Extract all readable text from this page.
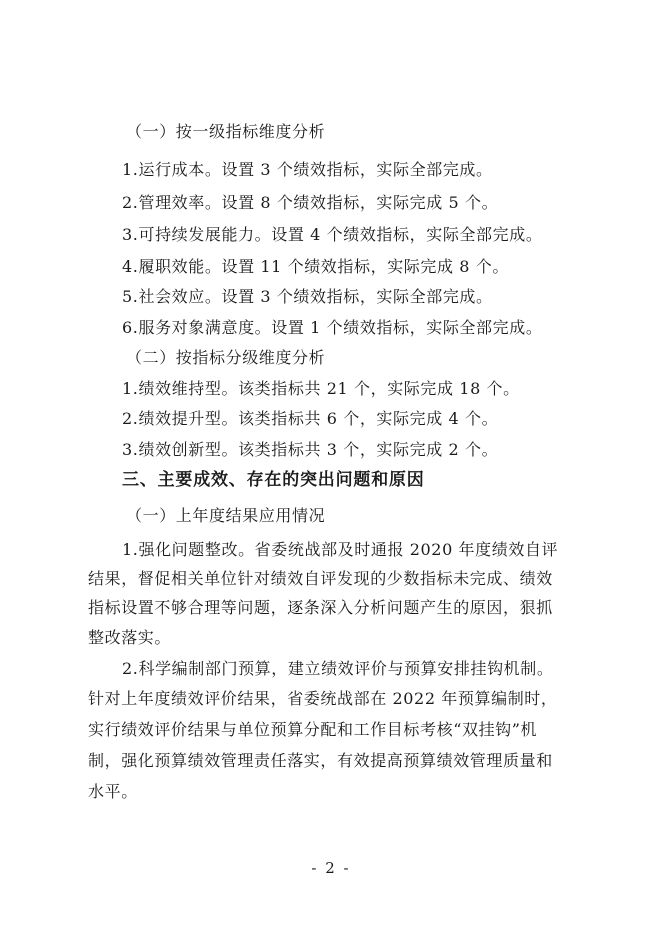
（一）按一级指标维度分析
1.运行成本。设置 3 个绩效指标，实际全部完成。
2.管理效率。设置 8 个绩效指标，实际完成 5 个。
3.可持续发展能力。设置 4 个绩效指标，实际全部完成。
4.履职效能。设置 11 个绩效指标，实际完成 8 个。
5.社会效应。设置 3 个绩效指标，实际全部完成。
6.服务对象满意度。设置 1 个绩效指标，实际全部完成。
（二）按指标分级维度分析
1.绩效维持型。该类指标共 21 个，实际完成 18 个。
2.绩效提升型。该类指标共 6 个，实际完成 4 个。
3.绩效创新型。该类指标共 3 个，实际完成 2 个。
三、主要成效、存在的突出问题和原因
（一）上年度结果应用情况
1.强化问题整改。省委统战部及时通报 2020 年度绩效自评
结果，督促相关单位针对绩效自评发现的少数指标未完成、绩效
指标设置不够合理等问题，逐条深入分析问题产生的原因，狠抓
整改落实。
2.科学编制部门预算，建立绩效评价与预算安排挂钩机制。
针对上年度绩效评价结果，省委统战部在 2022 年预算编制时，
实行绩效评价结果与单位预算分配和工作目标考核“双挂钩”机
制，强化预算绩效管理责任落实，有效提高预算绩效管理质量和
水平。
- 2 -
